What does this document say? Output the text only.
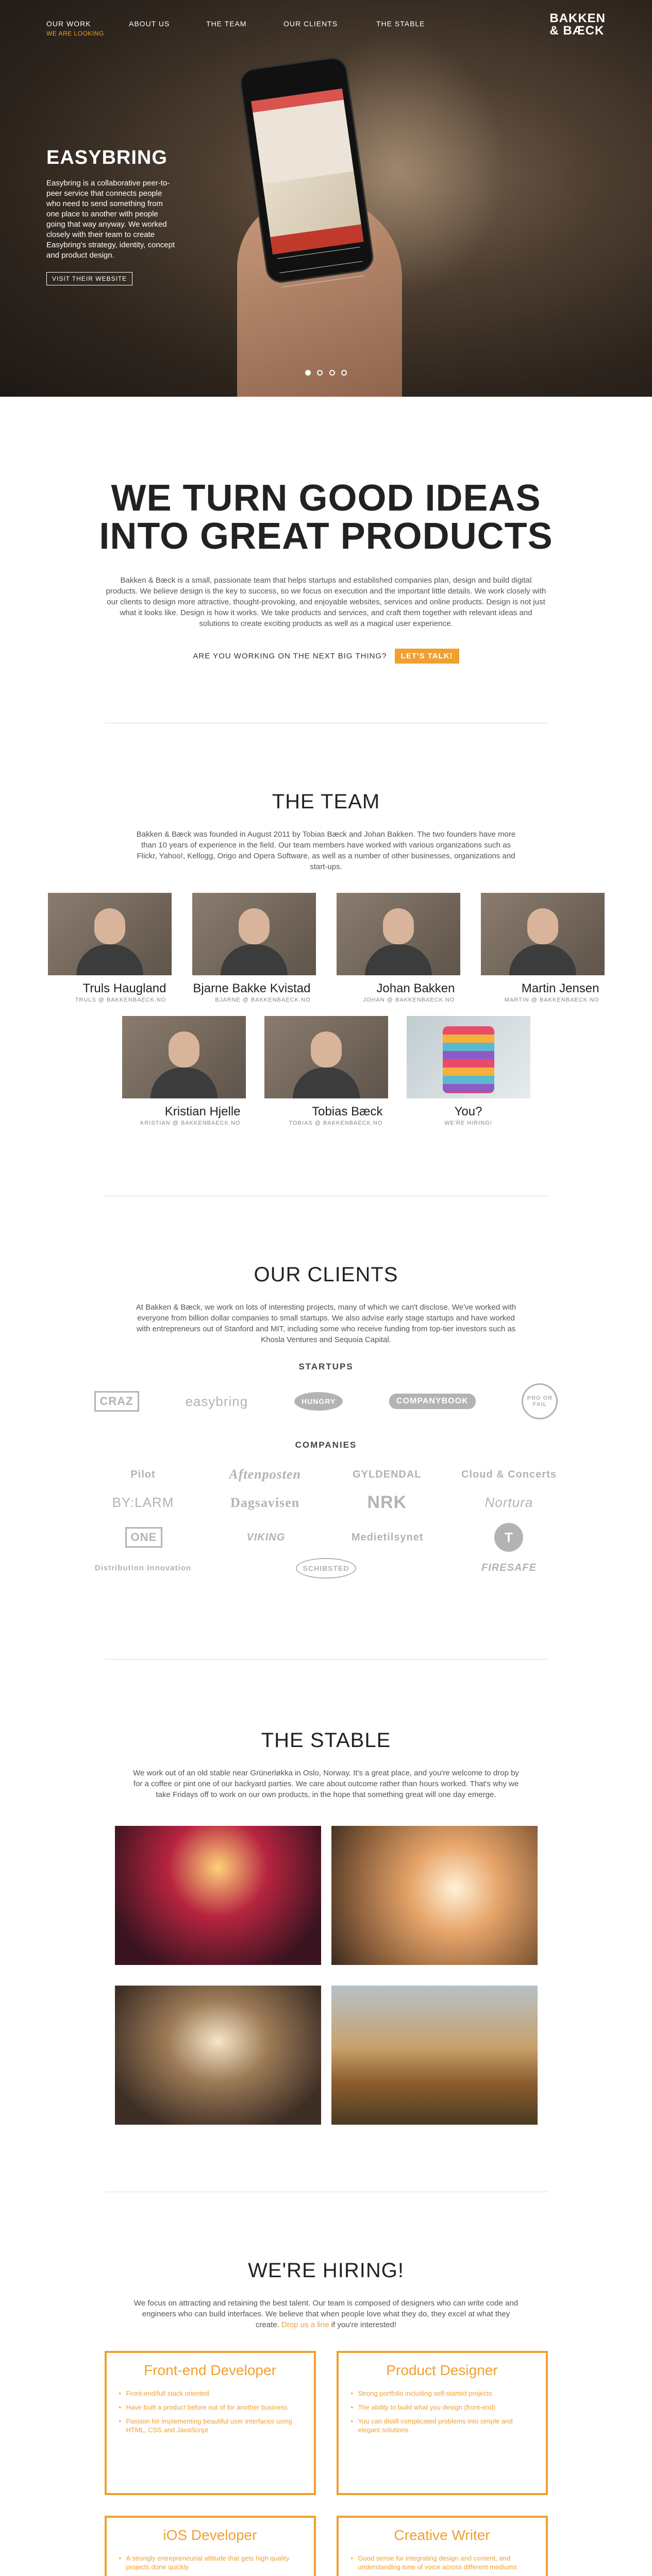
OUR WORK
WE ARE LOOKING
ABOUT US	THE TEAM	OUR CLIENTS	THE STABLE	BAKKEN
& BÆCK
EASYBRING

Easybring is a collaborative peer-to-peer service that connects people who need to send something from one place to another with people going that way anyway. We worked closely with their team to create Easybring's strategy, identity, concept and product design.

VISIT THEIR WEBSITE

WE TURN GOOD IDEAS
INTO GREAT PRODUCTS

Bakken & Bæck is a small, passionate team that helps startups and established companies plan, design and build digital products. We believe design is the key to success, so we focus on execution and the important little details. We work closely with our clients to design more attractive, thought-provoking, and enjoyable websites, services and online products. Design is not just what it looks like. Design is how it works. We take products and services, and craft them together with relevant ideas and solutions to create exciting products as well as a magical user experience.

ARE YOU WORKING ON THE NEXT BIG THING? LET'S TALK!
THE TEAM

Bakken & Bæck was founded in August 2011 by Tobias Bæck and Johan Bakken. The two founders have more than 10 years of experience in the field. Our team members have worked with various organizations such as Flickr, Yahoo!, Kellogg, Origo and Opera Software, as well as a number of other businesses, organizations and start-ups.

Truls Haugland
TRULS @ BAKKENBAECK.NO
Bjarne Bakke Kvistad
BJARNE @ BAKKENBAECK.NO
Johan Bakken
JOHAN @ BAKKENBAECK.NO
Martin Jensen
MARTIN @ BAKKENBAECK.NO
Kristian Hjelle
KRISTIAN @ BAKKENBAECK.NO
Tobias Bæck
TOBIAS @ BAKKENBAECK.NO
You?
WE'RE HIRING!
OUR CLIENTS

At Bakken & Bæck, we work on lots of interesting projects, many of which we can't disclose. We've worked with everyone from billion dollar companies to small startups. We also advise early stage startups and have worked with entrepreneurs out of Stanford and MIT, including some who receive funding from top-tier investors such as Khosla Ventures and Sequoia Capital.

STARTUPS
CRAZ	easybring	HUNGRY	COMPANYBOOK	PRO OR FAIL
COMPANIES
Pilot	Aftenposten	GYLDENDAL	Cloud & Concerts
BY:LARM	Dagsavisen	NRK	Nortura
ONE	VIKING	Medietilsynet	T
Distribution Innovation	SCHIBSTED	FIRESAFE
THE STABLE

We work out of an old stable near Grünerløkka in Oslo, Norway. It's a great place, and you're welcome to drop by for a coffee or pint one of our backyard parties. We care about outcome rather than hours worked. That's why we take Fridays off to work on our own products, in the hope that something great will one day emerge.

WE'RE HIRING!

We focus on attracting and retaining the best talent. Our team is composed of designers who can write code and engineers who can build interfaces. We believe that when people love what they do, they excel at what they create. Drop us a line if you're interested!

Front-end Developer
• Front-end/full stack oriented
• Have built a product before out of for another business
• Passion for implementing beautiful user interfaces using HTML, CSS and JavaScript
Product Designer
• Strong portfolio including self-started projects
• The ability to build what you design (front-end)
• You can distill complicated problems into simple and elegant solutions
iOS Developer
• A strongly entrepreneurial attitude that gets high quality projects done quickly
Creative Writer
• Good sense for integrating design and content, and understanding tone of voice across different mediums
